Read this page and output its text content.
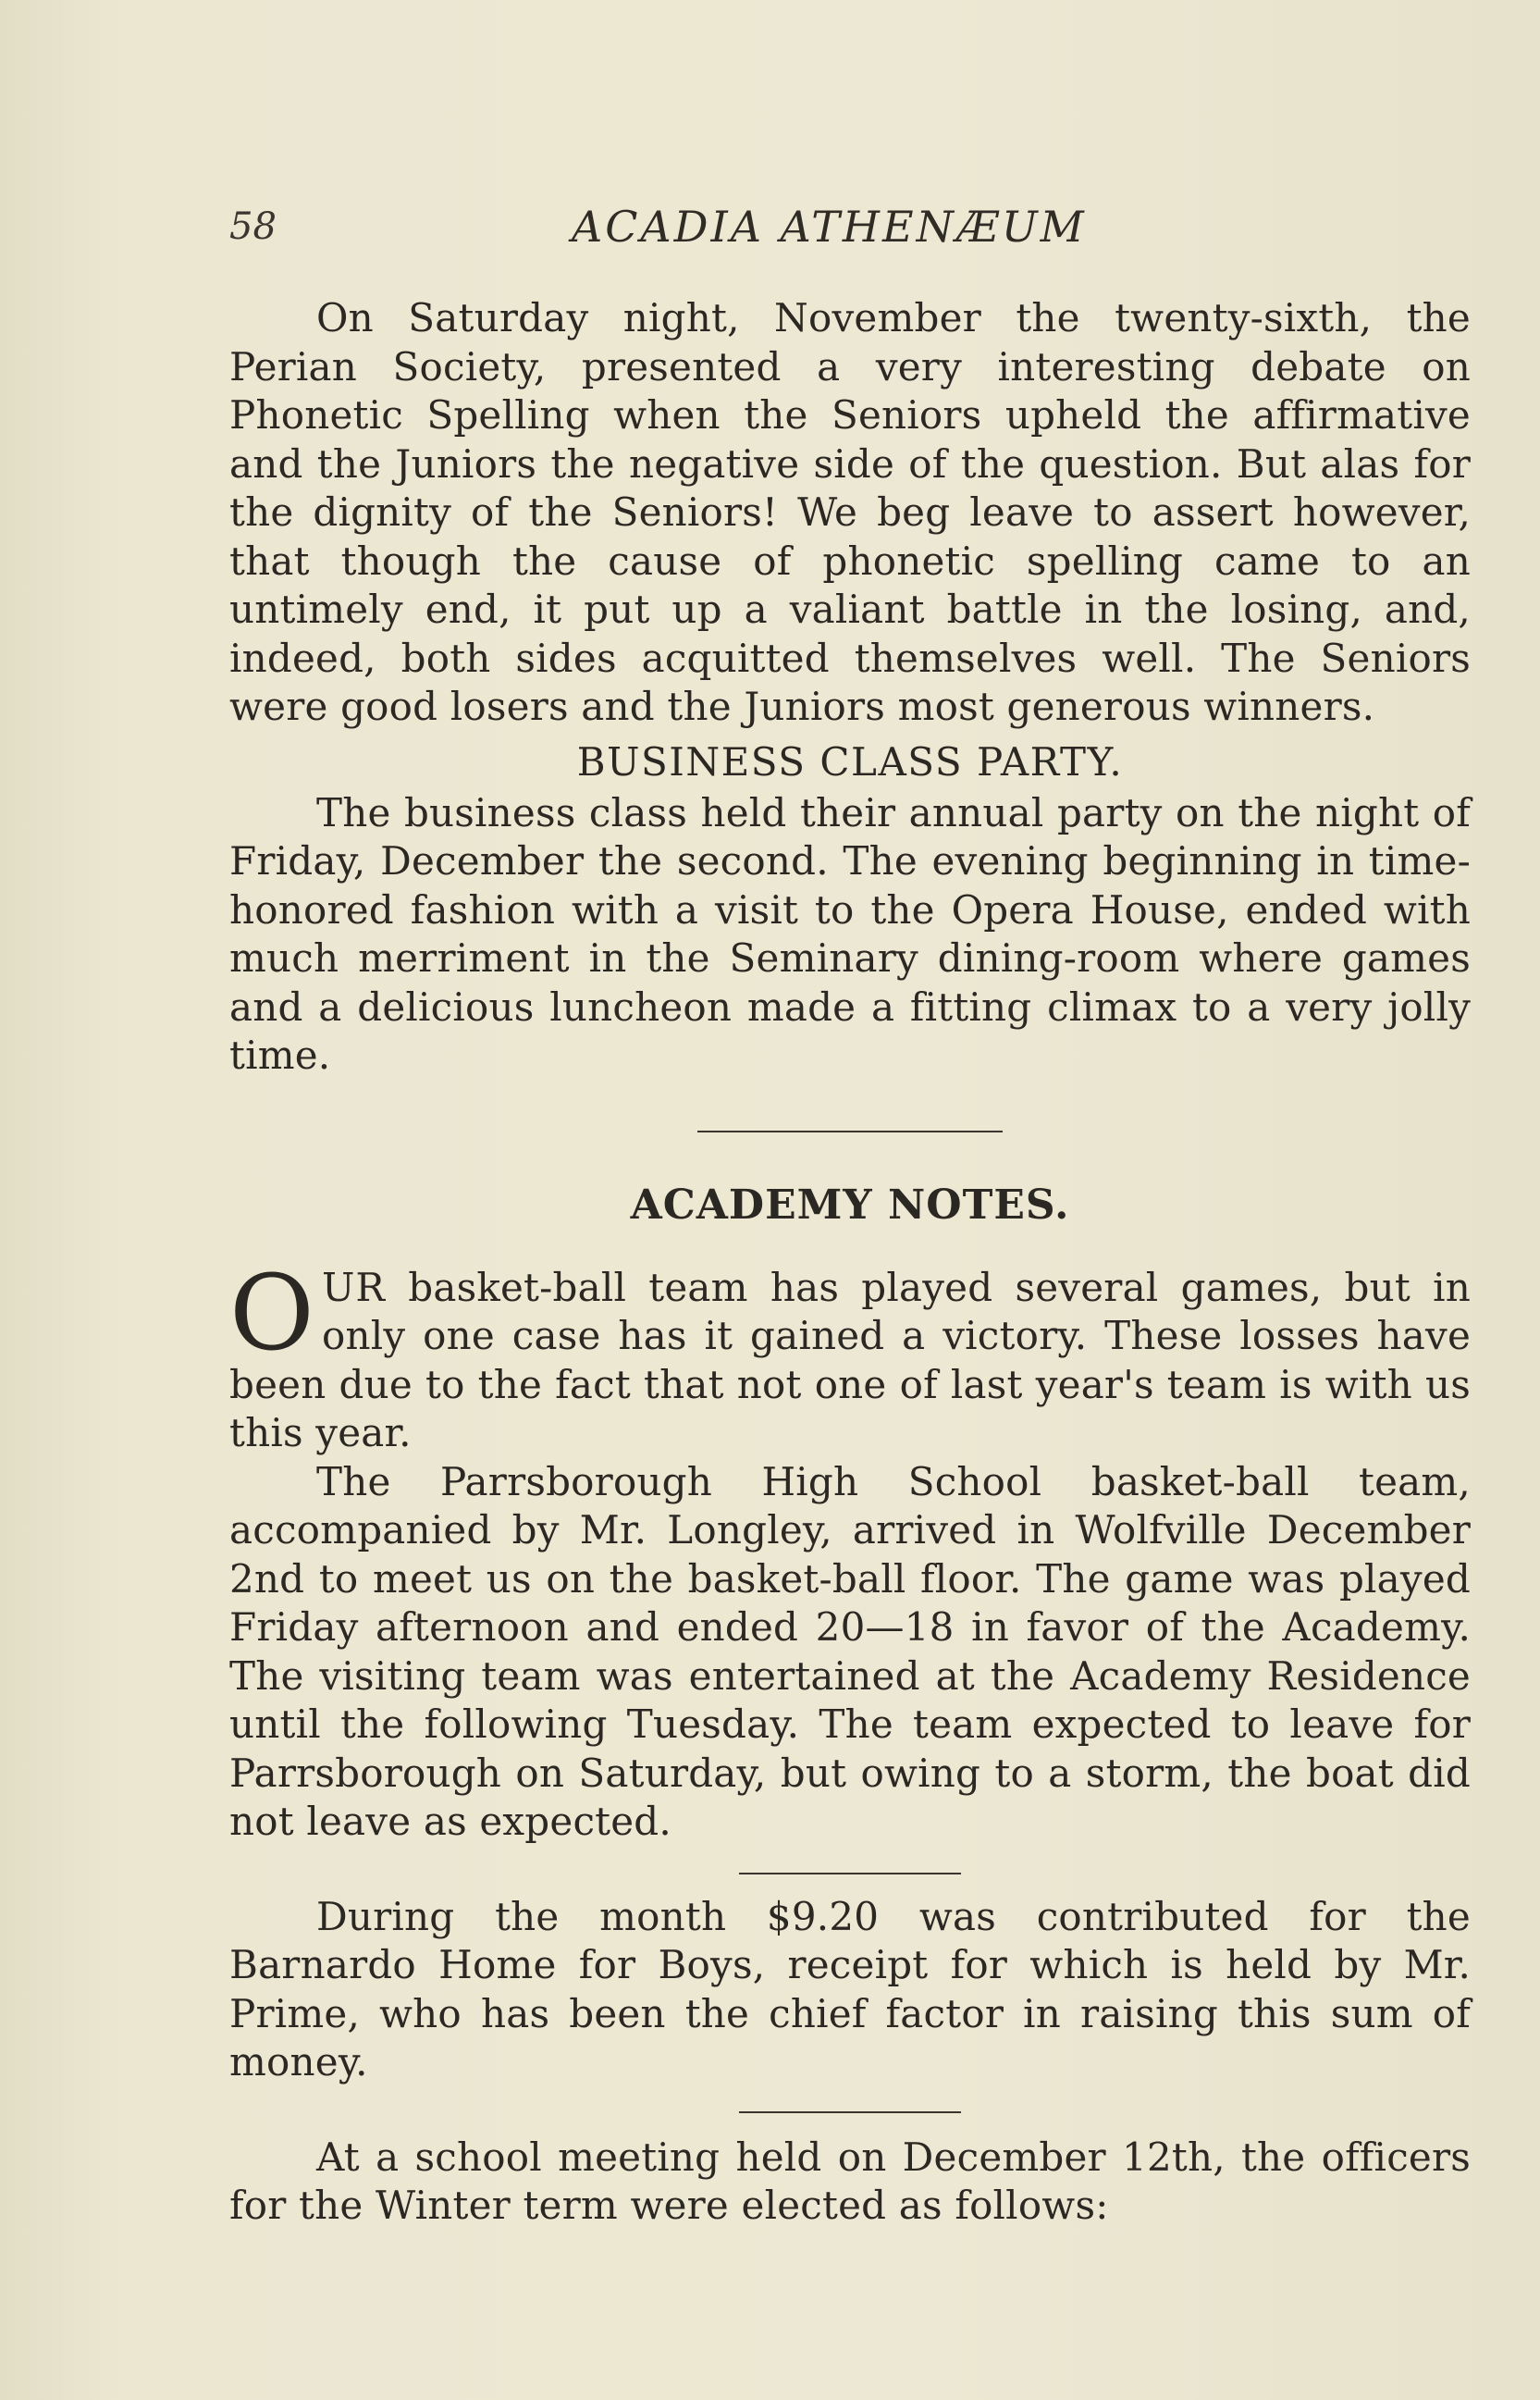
58	ACADIA ATHENÆUM

On Saturday night, November the twenty-sixth, the Perian Society, presented a very interesting debate on Phonetic Spelling when the Seniors upheld the affirmative and the Juniors the negative side of the question. But alas for the dignity of the Seniors! We beg leave to assert however, that though the cause of phonetic spelling came to an untimely end, it put up a valiant battle in the losing, and, indeed, both sides acquitted themselves well. The Seniors were good losers and the Juniors most generous winners.

BUSINESS CLASS PARTY.

The business class held their annual party on the night of Friday, December the second. The evening beginning in time-honored fashion with a visit to the Opera House, ended with much merriment in the Seminary dining-room where games and a delicious luncheon made a fitting climax to a very jolly time.

ACADEMY NOTES.

OUR basket-ball team has played several games, but in only one case has it gained a victory. These losses have been due to the fact that not one of last year's team is with us this year.

The Parrsborough High School basket-ball team, accompanied by Mr. Longley, arrived in Wolfville December 2nd to meet us on the basket-ball floor. The game was played Friday afternoon and ended 20—18 in favor of the Academy. The visiting team was entertained at the Academy Residence until the following Tuesday. The team expected to leave for Parrsborough on Saturday, but owing to a storm, the boat did not leave as expected.

During the month $9.20 was contributed for the Barnardo Home for Boys, receipt for which is held by Mr. Prime, who has been the chief factor in raising this sum of money.

At a school meeting held on December 12th, the officers for the Winter term were elected as follows:
